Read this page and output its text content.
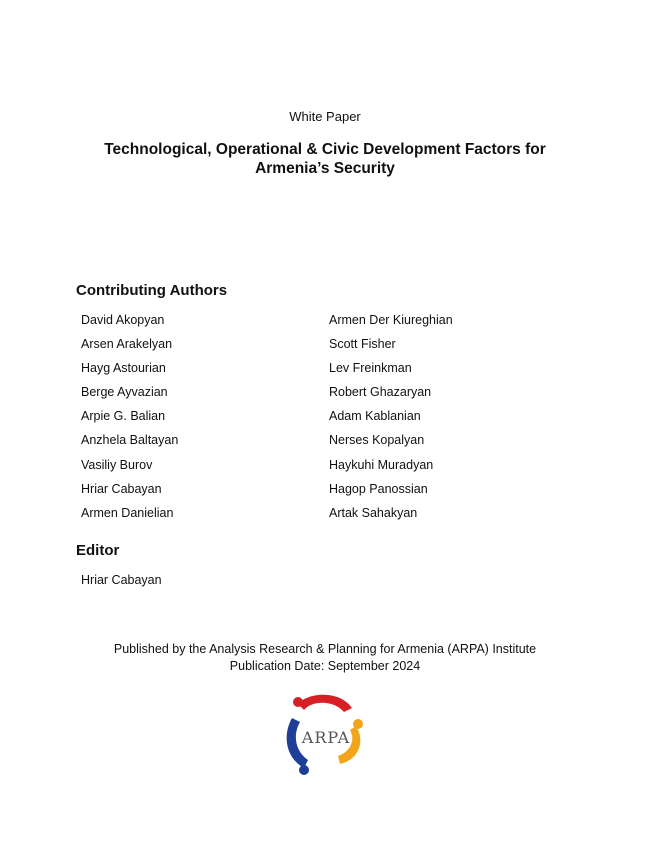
White Paper
Technological, Operational & Civic Development Factors for
Armenia’s Security
Contributing Authors
David Akopyan
Arsen Arakelyan
Hayg Astourian
Berge Ayvazian
Arpie G. Balian
Anzhela Baltayan
Vasiliy Burov
Hriar Cabayan
Armen Danielian
Armen Der Kiureghian
Scott Fisher
Lev Freinkman
Robert Ghazaryan
Adam Kablanian
Nerses Kopalyan
Haykuhi Muradyan
Hagop Panossian
Artak Sahakyan
Editor
Hriar Cabayan
Published by the Analysis Research & Planning for Armenia (ARPA) Institute
Publication Date: September 2024
ARPA
